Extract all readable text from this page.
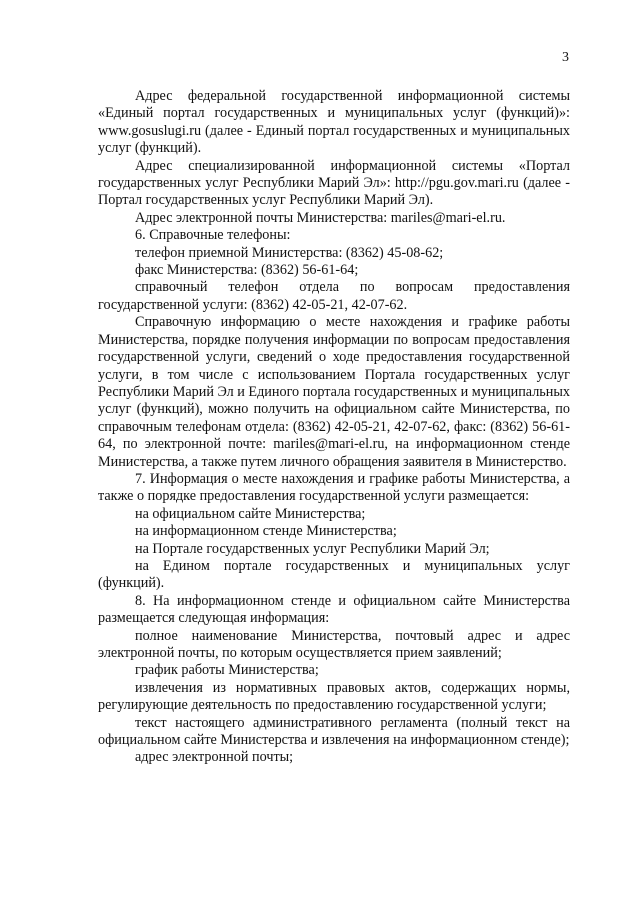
3

Адрес федеральной государственной информационной системы «Единый портал государственных и муниципальных услуг (функций)»: www.gosuslugi.ru (далее - Единый портал государственных и муниципальных услуг (функций).

Адрес специализированной информационной системы «Портал государственных услуг Республики Марий Эл»: http://pgu.gov.mari.ru (далее - Портал государственных услуг Республики Марий Эл).

Адрес электронной почты Министерства: mariles@mari-el.ru.

6. Справочные телефоны:

телефон приемной Министерства: (8362) 45-08-62;

факс Министерства: (8362) 56-61-64;

справочный телефон отдела по вопросам предоставления государственной услуги: (8362) 42-05-21, 42-07-62.

Справочную информацию о месте нахождения и графике работы Министерства, порядке получения информации по вопросам предоставления государственной услуги, сведений о ходе предоставления государственной услуги, в том числе с использованием Портала государственных услуг Республики Марий Эл и Единого портала государственных и муниципальных услуг (функций), можно получить на официальном сайте Министерства, по справочным телефонам отдела: (8362) 42-05-21, 42-07-62, факс: (8362) 56-61-64, по электронной почте: mariles@mari-el.ru, на информационном стенде Министерства, а также путем личного обращения заявителя в Министерство.

7. Информация о месте нахождения и графике работы Министерства, а также о порядке предоставления государственной услуги размещается:

на официальном сайте Министерства;

на информационном стенде Министерства;

на Портале государственных услуг Республики Марий Эл;

на Едином портале государственных и муниципальных услуг (функций).

8. На информационном стенде и официальном сайте Министерства размещается следующая информация:

полное наименование Министерства, почтовый адрес и адрес электронной почты, по которым осуществляется прием заявлений;

график работы Министерства;

извлечения из нормативных правовых актов, содержащих нормы, регулирующие деятельность по предоставлению государственной услуги;

текст настоящего административного регламента (полный текст на официальном сайте Министерства и извлечения на информационном стенде);

адрес электронной почты;
